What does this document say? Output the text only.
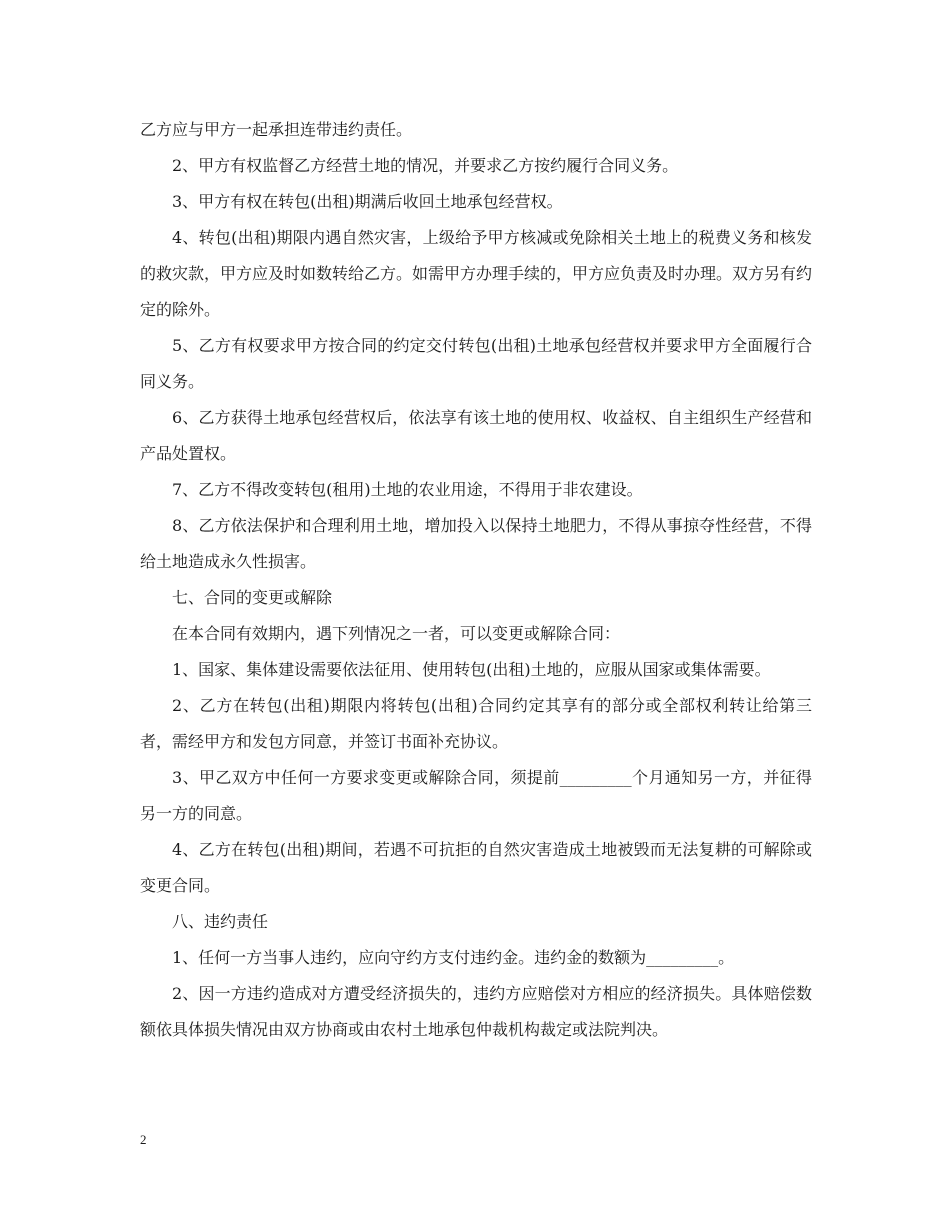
乙方应与甲方一起承担连带违约责任。

2、甲方有权监督乙方经营土地的情况，并要求乙方按约履行合同义务。

3、甲方有权在转包(出租)期满后收回土地承包经营权。

4、转包(出租)期限内遇自然灾害，上级给予甲方核减或免除相关土地上的税费义务和核发的救灾款，甲方应及时如数转给乙方。如需甲方办理手续的，甲方应负责及时办理。双方另有约定的除外。

5、乙方有权要求甲方按合同的约定交付转包(出租)土地承包经营权并要求甲方全面履行合同义务。

6、乙方获得土地承包经营权后，依法享有该土地的使用权、收益权、自主组织生产经营和产品处置权。

7、乙方不得改变转包(租用)土地的农业用途，不得用于非农建设。

8、乙方依法保护和合理利用土地，增加投入以保持土地肥力，不得从事掠夺性经营，不得给土地造成永久性损害。

七、合同的变更或解除

在本合同有效期内，遇下列情况之一者，可以变更或解除合同：

1、国家、集体建设需要依法征用、使用转包(出租)土地的，应服从国家或集体需要。

2、乙方在转包(出租)期限内将转包(出租)合同约定其享有的部分或全部权利转让给第三者，需经甲方和发包方同意，并签订书面补充协议。

3、甲乙双方中任何一方要求变更或解除合同，须提前_________个月通知另一方，并征得另一方的同意。

4、乙方在转包(出租)期间，若遇不可抗拒的自然灾害造成土地被毁而无法复耕的可解除或变更合同。

八、违约责任

1、任何一方当事人违约，应向守约方支付违约金。违约金的数额为_________。

2、因一方违约造成对方遭受经济损失的，违约方应赔偿对方相应的经济损失。具体赔偿数额依具体损失情况由双方协商或由农村土地承包仲裁机构裁定或法院判决。

2
